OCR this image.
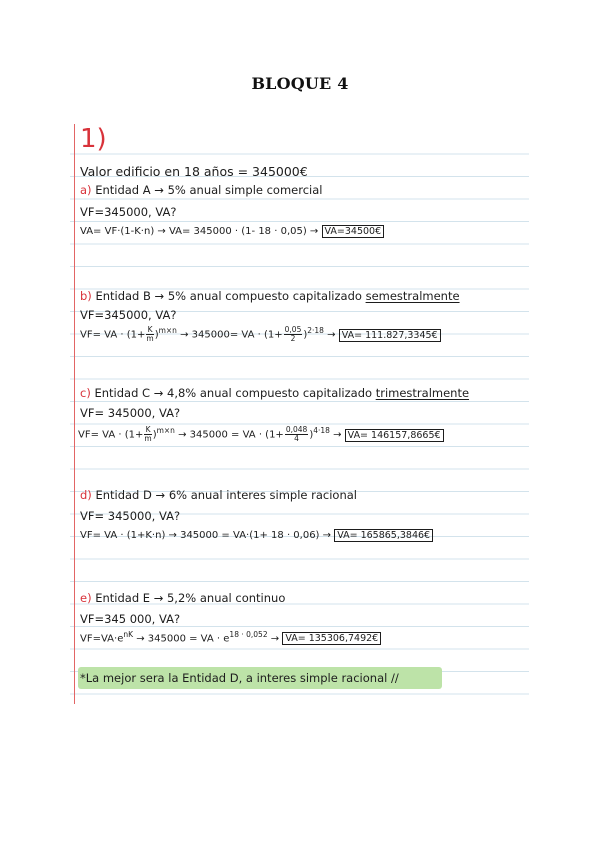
BLOQUE 4
1)
Valor edificio en 18 años = 345000€
a) Entidad A → 5% anual simple comercial
VF=345000, VA?
VA= VF·(1-K·n) → VA= 345000 · (1- 18 · 0,05) → VA=34500€
b) Entidad B → 5% anual compuesto capitalizado semestralmente
VF=345000, VA?
VF= VA · $(1+ \frac{K}{m} )^{m\times n} \to 345000=$ VA · $(1+ \frac{0,05}{2} )^{2\cdot 18} \to VA=$ 111.827,3345€
c) Entidad C → 4,8% anual compuesto capitalizado trimestralmente
VF= 345000, VA?
VF= VA · $(1+ \frac{K}{m} )^{m\times n} \to 345000$ = VA · $(1+ \frac{0,048}{4} )^{4\cdot 18} \to VA=$ 146157,8665€
d) Entidad D → 6% anual interes simple racional
VF= 345000, VA?
VF= VA · (1+K·n) → 345000 = VA·(1+ 18 · 0,06) → VA= 165865,3846€
e) Entidad E → 5,2% anual continuo
VF=345 000, VA?
$VF=VA\cdot e^{nK} \to 345000$ = VA · $e^{18 \cdot 0,052} \to VA=$ 135306,7492€
*La mejor sera la Entidad D, a interes simple racional //
